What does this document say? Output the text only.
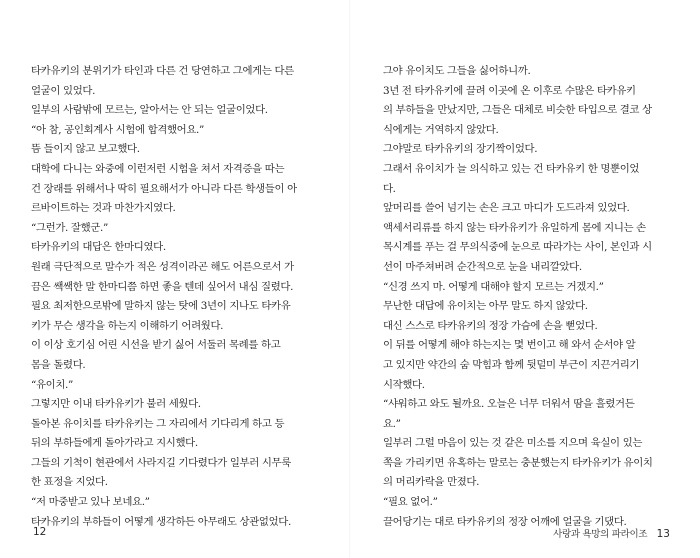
타카유키의 분위기가 타인과 다른 건 당연하고 그에게는 다른
얼굴이 있었다.
일부의 사람밖에 모르는, 알아서는 안 되는 얼굴이었다.
“아 참, 공인회계사 시험에 합격했어요.”
뜸 들이지 않고 보고했다.
대학에 다니는 와중에 이런저런 시험을 쳐서 자격증을 따는
건 장래를 위해서나 딱히 필요해서가 아니라 다른 학생들이 아
르바이트하는 것과 마찬가지였다.
“그런가. 잘했군.”
타카유키의 대답은 한마디였다.
원래 극단적으로 말수가 적은 성격이라곤 해도 어른으로서 가
끔은 쌕쌕한 말 한마디쯤 하면 좋을 텐데 싶어서 내심 질렸다.
필요 최저한으로밖에 말하지 않는 탓에 3년이 지나도 타카유
키가 무슨 생각을 하는지 이해하기 어려웠다.
이 이상 호기심 어린 시선을 받기 싫어 서둘러 목례를 하고
몸을 돌렸다.
“유이치.”
그렇지만 이내 타카유키가 불러 세웠다.
돌아본 유이치를 타카유키는 그 자리에서 기다리게 하고 등
뒤의 부하들에게 돌아가라고 지시했다.
그들의 기척이 현관에서 사라지길 기다렸다가 일부러 시무룩
한 표정을 지었다.
“저 마중받고 있나 보네요.”
타카유키의 부하들이 어떻게 생각하든 아무래도 상관없었다.
그야 유이치도 그들을 싫어하니까.
3년 전 타카유키에 끌려 이곳에 온 이후로 수많은 타카유키
의 부하들을 만났지만, 그들은 대체로 비슷한 타입으로 결코 상
식에게는 거역하지 않았다.
그야말로 타카유키의 장기짝이었다.
그래서 유이치가 늘 의식하고 있는 건 타카유키 한 명뿐이었
다.
앞머리를 쓸어 넘기는 손은 크고 마디가 도드라져 있었다.
액세서리류를 하지 않는 타카유키가 유일하게 몸에 지니는 손
목시계를 푸는 걸 무의식중에 눈으로 따라가는 사이, 본인과 시
선이 마주쳐버려 순간적으로 눈을 내리깔았다.
“신경 쓰지 마. 어떻게 대해야 할지 모르는 거겠지.”
무난한 대답에 유이치는 아무 말도 하지 않았다.
대신 스스로 타카유키의 정장 가슴에 손을 뻗었다.
이 뒤를 어떻게 해야 하는지는 몇 번이고 해 와서 순서야 알
고 있지만 약간의 숨 막힘과 함께 뒷덜미 부근이 지끈거리기
시작했다.
“샤워하고 와도 될까요. 오늘은 너무 더워서 땀을 흘렸거든
요.”
일부러 그럴 마음이 있는 것 같은 미소를 지으며 육실이 있는
쪽을 가리키면 유혹하는 말로는 충분했는지 타카유키가 유이치
의 머리카락을 만졌다.
“필요 없어.”
끌어당기는 대로 타카유키의 정장 어깨에 얼굴을 기댔다.
12	사랑과 욕망의 파라이조 13
